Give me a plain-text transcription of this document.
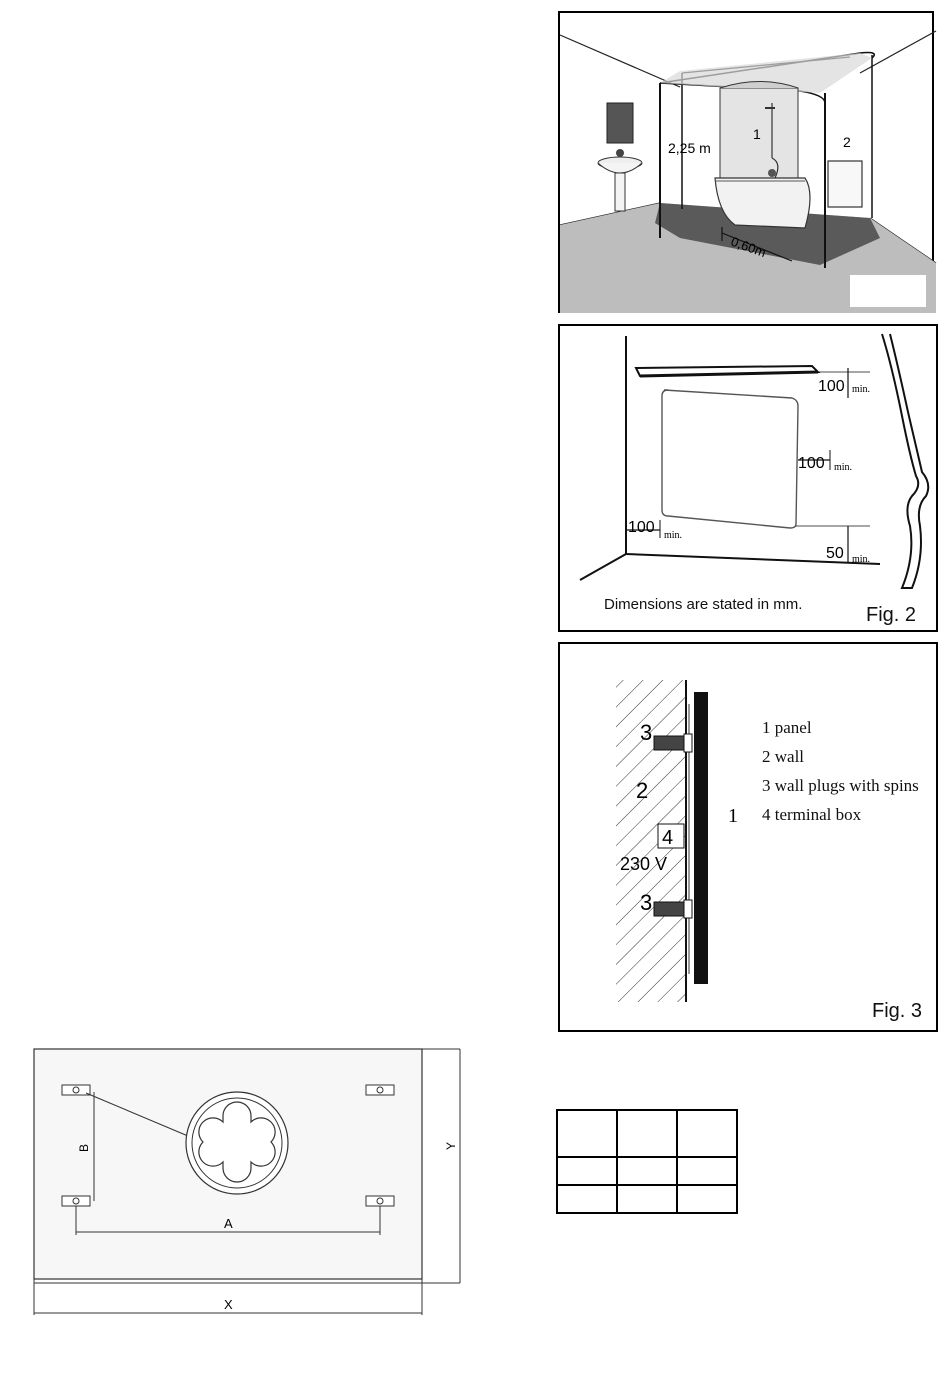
2,25 m
0,60m
1	2
100 min.
100 min.
100 min.
50 min.
Dimensions are stated in mm.	Fig. 2
3
2
4
230 V
3
1
1 panel
2 wall
3 wall plugs with spins
4 terminal box
Fig. 3
B
A
Y
X
